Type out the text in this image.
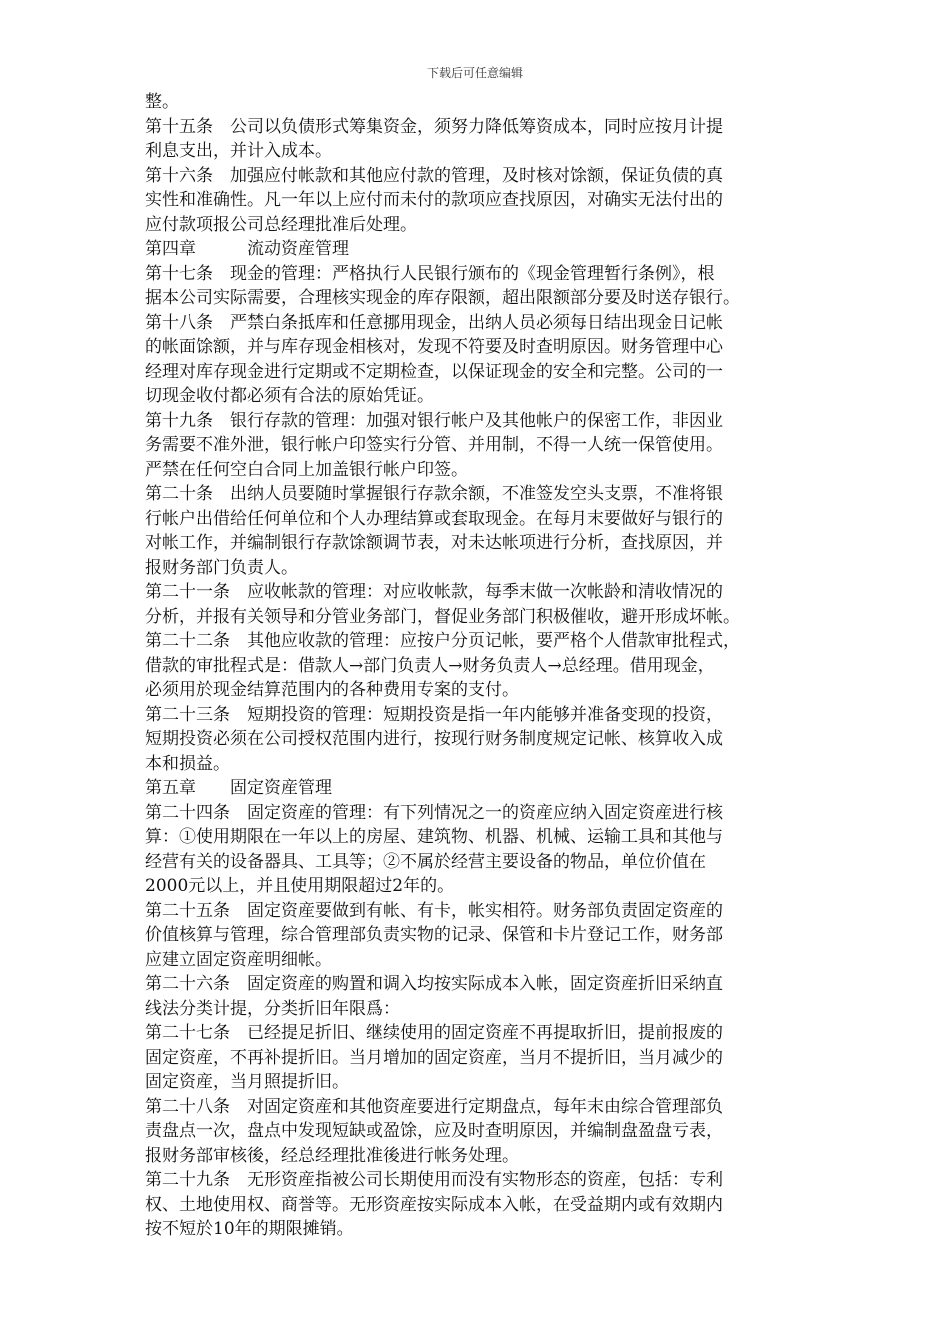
下载后可任意编辑

整。

第十五条　公司以负债形式筹集资金，须努力降低筹资成本，同时应按月计提

利息支出，并计入成本。

第十六条　加强应付帐款和其他应付款的管理，及时核对馀额，保证负债的真

实性和准确性。凡一年以上应付而未付的款项应查找原因，对确实无法付出的

应付款项报公司总经理批准后处理。

第四章　　　流动资産管理

第十七条　现金的管理：严格执行人民银行颁布的《现金管理暂行条例》，根

据本公司实际需要，合理核实现金的库存限额，超出限额部分要及时送存银行。

第十八条　严禁白条抵库和任意挪用现金，出纳人员必须每日结出现金日记帐

的帐面馀额，并与库存现金相核对，发现不符要及时查明原因。财务管理中心

经理对库存现金进行定期或不定期检查，以保证现金的安全和完整。公司的一

切现金收付都必须有合法的原始凭证。

第十九条　银行存款的管理：加强对银行帐户及其他帐户的保密工作，非因业

务需要不准外泄，银行帐户印签实行分管、并用制，不得一人统一保管使用。

严禁在任何空白合同上加盖银行帐户印签。

第二十条　出纳人员要随时掌握银行存款余额，不准签发空头支票，不准将银

行帐户出借给任何单位和个人办理结算或套取现金。在每月末要做好与银行的

对帐工作，并编制银行存款馀额调节表，对未达帐项进行分析，查找原因，并

报财务部门负责人。

第二十一条　应收帐款的管理：对应收帐款，每季末做一次帐龄和清收情况的

分析，并报有关领导和分管业务部门，督促业务部门积极催收，避开形成坏帐。

第二十二条　其他应收款的管理：应按户分页记帐，要严格个人借款审批程式，

借款的审批程式是：借款人→部门负责人→财务负责人→总经理。借用现金，

必须用於现金结算范围内的各种费用专案的支付。

第二十三条　短期投资的管理：短期投资是指一年内能够并准备变现的投资，

短期投资必须在公司授权范围内进行，按现行财务制度规定记帐、核算收入成

本和损益。

第五章　　固定资産管理

第二十四条　固定资産的管理：有下列情况之一的资産应纳入固定资産进行核

算：①使用期限在一年以上的房屋、建筑物、机器、机械、运输工具和其他与

经营有关的设备器具、工具等；②不属於经营主要设备的物品，单位价值在

2000元以上，并且使用期限超过2年的。

第二十五条　固定资産要做到有帐、有卡，帐实相符。财务部负责固定资産的

价值核算与管理，综合管理部负责实物的记录、保管和卡片登记工作，财务部

应建立固定资産明细帐。

第二十六条　固定资産的购置和调入均按实际成本入帐，固定资産折旧采纳直

线法分类计提，分类折旧年限爲：

第二十七条　已经提足折旧、继续使用的固定资産不再提取折旧，提前报废的

固定资産，不再补提折旧。当月增加的固定资産，当月不提折旧，当月减少的

固定资産，当月照提折旧。

第二十八条　对固定资産和其他资産要进行定期盘点，每年末由综合管理部负

责盘点一次，盘点中发现短缺或盈馀，应及时查明原因，并编制盘盈盘亏表，

报财务部审核後，经总经理批准後进行帐务处理。

第二十九条　无形资産指被公司长期使用而没有实物形态的资産，包括：专利

权、土地使用权、商誉等。无形资産按实际成本入帐，在受益期内或有效期内

按不短於10年的期限摊销。
